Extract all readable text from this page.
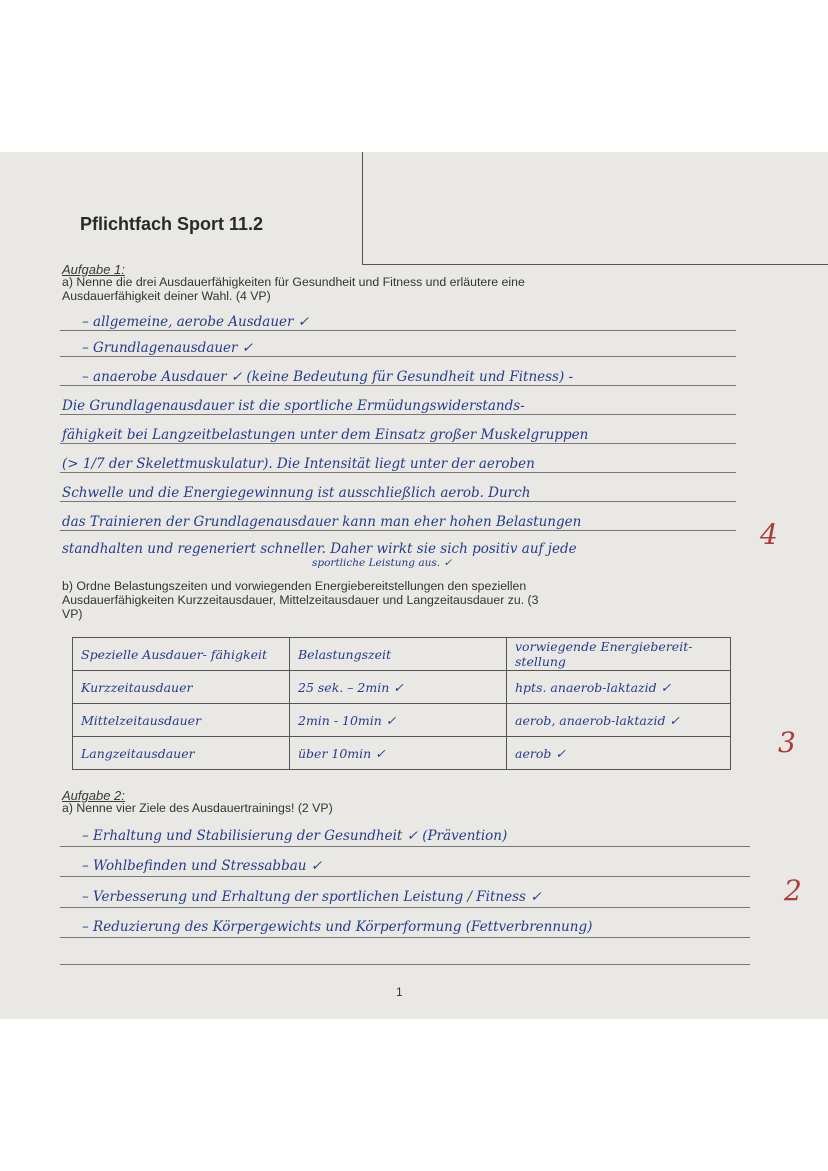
Pflichtfach Sport 11.2
Aufgabe 1:
a) Nenne die drei Ausdauerfähigkeiten für Gesundheit und Fitness und erläutere eine
Ausdauerfähigkeit deiner Wahl. (4 VP)
– allgemeine, aerobe Ausdauer ✓
– Grundlagenausdauer ✓
– anaerobe Ausdauer ✓ (keine Bedeutung für Gesundheit und Fitness) -
Die Grundlagenausdauer ist die sportliche Ermüdungswiderstands-
fähigkeit bei Langzeitbelastungen unter dem Einsatz großer Muskelgruppen
(> 1/7 der Skelettmuskulatur). Die Intensität liegt unter der aeroben
Schwelle und die Energiegewinnung ist ausschließlich aerob. Durch
das Trainieren der Grundlagenausdauer kann man eher hohen Belastungen
standhalten und regeneriert schneller. Daher wirkt sie sich positiv auf jede
sportliche Leistung aus. ✓
4
b) Ordne Belastungszeiten und vorwiegenden Energiebereitstellungen den speziellen
Ausdauerfähigkeiten Kurzzeitausdauer, Mittelzeitausdauer und Langzeitausdauer zu. (3
VP)
Spezielle Ausdauer- fähigkeit	Belastungszeit	vorwiegende Energiebereit- stellung
Kurzzeitausdauer	25 sek. – 2min ✓	hpts. anaerob-laktazid ✓
Mittelzeitausdauer	2min - 10min ✓	aerob, anaerob-laktazid ✓
Langzeitausdauer	über 10min ✓	aerob ✓	3
Aufgabe 2:
a) Nenne vier Ziele des Ausdauertrainings! (2 VP)
– Erhaltung und Stabilisierung der Gesundheit ✓ (Prävention)
– Wohlbefinden und Stressabbau ✓
– Verbesserung und Erhaltung der sportlichen Leistung / Fitness ✓
– Reduzierung des Körpergewichts und Körperformung (Fettverbrennung)
2
1
